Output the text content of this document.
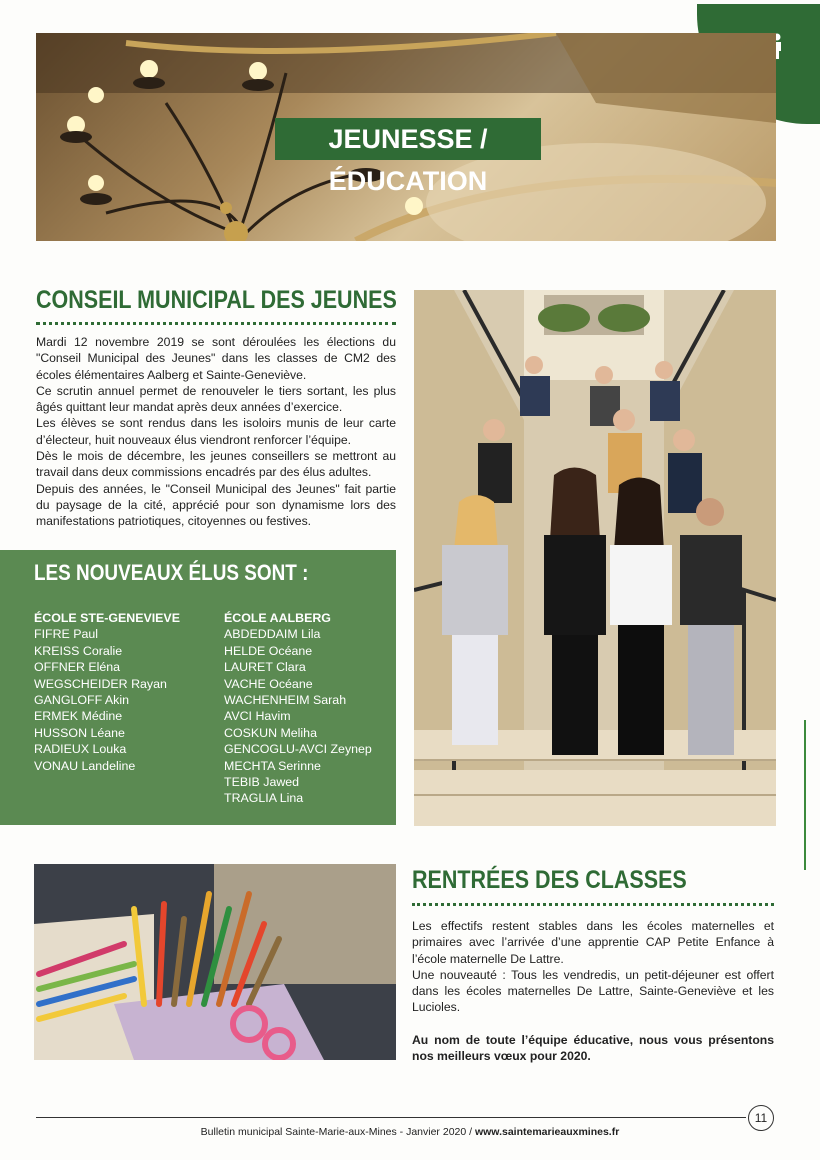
JEUNESSE / ÉDUCATION
CONSEIL MUNICIPAL DES JEUNES

Mardi 12 novembre 2019 se sont déroulées les élections du "Conseil Municipal des Jeunes" dans les classes de CM2 des écoles élémentaires Aalberg et Sainte-Geneviève.

Ce scrutin annuel permet de renouveler le tiers sortant, les plus âgés quittant leur mandat après deux années d’exercice.

Les élèves se sont rendus dans les isoloirs munis de leur carte d’électeur, huit nouveaux élus viendront renforcer l’équipe.

Dès le mois de décembre, les jeunes conseillers se mettront au travail dans deux commissions encadrés par des élus adultes.

Depuis des années, le "Conseil Municipal des Jeunes" fait partie du paysage de la cité, apprécié pour son dynamisme lors des manifestations patriotiques, citoyennes ou festives.

LES NOUVEAUX ÉLUS SONT :
ÉCOLE STE-GENEVIEVE
FIFRE Paul
KREISS Coralie
OFFNER Eléna
WEGSCHEIDER Rayan
GANGLOFF Akin
ERMEK Médine
HUSSON Léane
RADIEUX Louka
VONAU Landeline
ÉCOLE AALBERG
ABDEDDAIM Lila
HELDE Océane
LAURET Clara
VACHE Océane
WACHENHEIM Sarah
AVCI Havim
COSKUN Meliha
GENCOGLU-AVCI Zeynep
MECHTA Serinne
TEBIB Jawed
TRAGLIA Lina
RENTRÉES DES CLASSES

Les effectifs restent stables dans les écoles maternelles et primaires avec l’arrivée d’une apprentie CAP Petite Enfance à l’école maternelle De Lattre.

Une nouveauté : Tous les vendredis, un petit-déjeuner est offert dans les écoles maternelles De Lattre, Sainte-Geneviève et les Lucioles.

Au nom de toute l’équipe éducative, nous vous présentons nos meilleurs vœux pour 2020.

Bulletin municipal Sainte-Marie-aux-Mines - Janvier 2020 / www.saintemarieauxmines.fr
11
